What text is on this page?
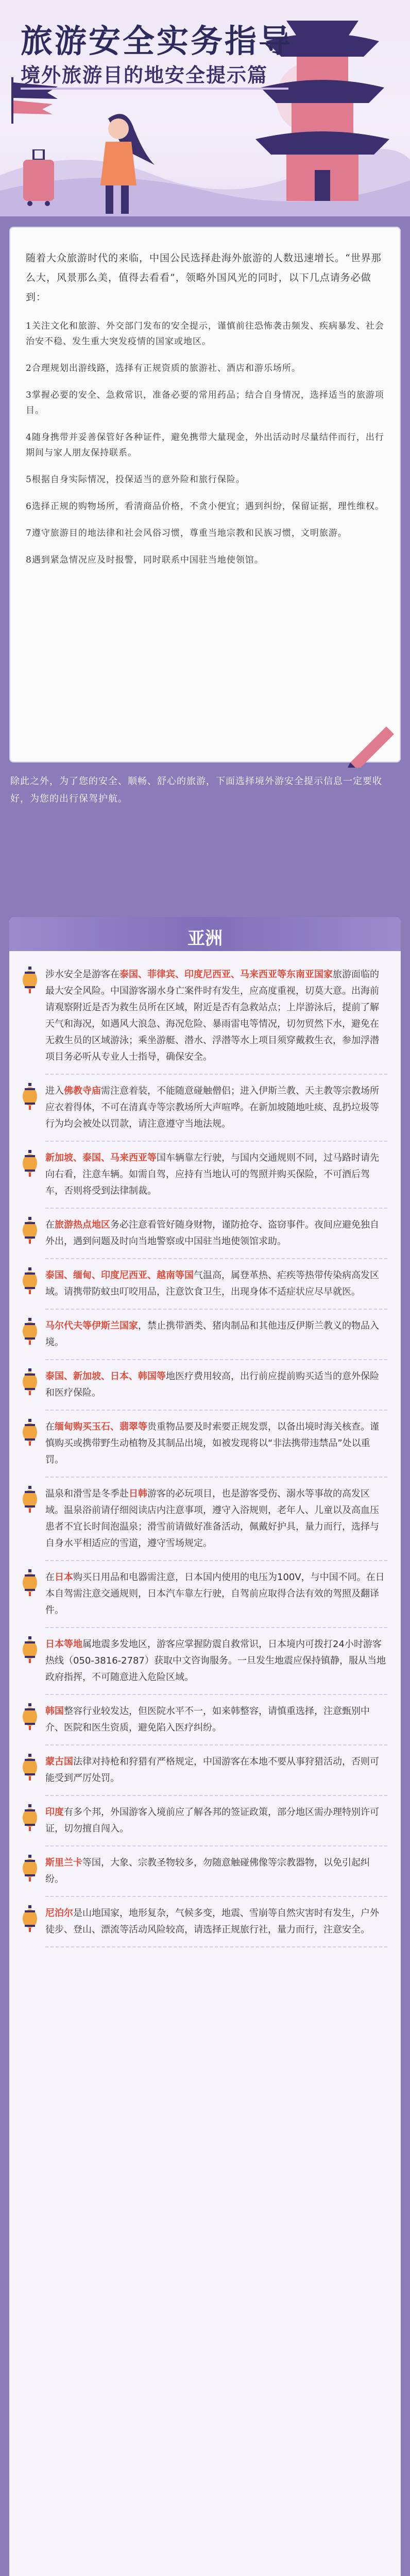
旅游安全实务指导
境外旅游目的地安全提示篇

随着大众旅游时代的来临，中国公民选择赴海外旅游的人数迅速增长。“世界那么大，风景那么美，值得去看看”，领略外国风光的同时，以下几点请务必做到：

1关注文化和旅游、外交部门发布的安全提示，谨慎前往恐怖袭击频发、疾病暴发、社会治安不稳、发生重大突发疫情的国家或地区。

2合理规划出游线路，选择有正规资质的旅游社、酒店和游乐场所。

3掌握必要的安全、急救常识，准备必要的常用药品；结合自身情况，选择适当的旅游项目。

4随身携带并妥善保管好各种证件，避免携带大量现金，外出活动时尽量结伴而行，出行期间与家人朋友保持联系。

5根据自身实际情况，投保适当的意外险和旅行保险。

6选择正规的购物场所，看清商品价格，不贪小便宜；遇到纠纷，保留证据，理性维权。

7遵守旅游目的地法律和社会风俗习惯，尊重当地宗教和民族习惯，文明旅游。

8遇到紧急情况应及时报警，同时联系中国驻当地使领馆。

除此之外，为了您的安全、顺畅、舒心的旅游，下面选择境外游安全提示信息一定要收好，为您的出行保驾护航。

亚洲
涉水安全是游客在泰国、菲律宾、印度尼西亚、马来西亚等东南亚国家旅游面临的最大安全风险。中国游客溺水身亡案件时有发生，应高度重视，切莫大意。出海前请观察附近是否为救生员所在区域，附近是否有急救站点；上岸游泳后，提前了解天气和海况，如遇风大浪急、海况危险、暴雨雷电等情况，切勿贸然下水，避免在无救生员的区域游泳；乘坐游艇、潜水、浮潜等水上项目须穿戴救生衣，参加浮潜项目务必听从专业人士指导，确保安全。
进入佛教寺庙需注意着装，不能随意碰触僧侣；进入伊斯兰教、天主教等宗教场所应衣着得体，不可在清真寺等宗教场所大声喧哗。在新加坡随地吐痰、乱扔垃圾等行为均会被处以罚款，请注意遵守当地法规。
新加坡、泰国、马来西亚等国车辆靠左行驶，与国内交通规则不同，过马路时请先向右看，注意车辆。如需自驾，应持有当地认可的驾照并购买保险，不可酒后驾车，否则将受到法律制裁。
在旅游热点地区务必注意看管好随身财物，谨防抢夺、盗窃事件。夜间应避免独自外出，遇到问题及时向当地警察或中国驻当地使领馆求助。
泰国、缅甸、印度尼西亚、越南等国气温高，属登革热、疟疾等热带传染病高发区域。请携带防蚊虫叮咬用品，注意饮食卫生，出现身体不适症状应尽早就医。
马尔代夫等伊斯兰国家，禁止携带酒类、猪肉制品和其他违反伊斯兰教义的物品入境。
泰国、新加坡、日本、韩国等地医疗费用较高，出行前应提前购买适当的意外保险和医疗保险。
在缅甸购买玉石、翡翠等贵重物品要及时索要正规发票，以备出境时海关核查。谨慎购买或携带野生动植物及其制品出境，如被发现将以“非法携带违禁品”处以重罚。
温泉和滑雪是冬季赴日韩游客的必玩项目，也是游客受伤、溺水等事故的高发区域。温泉浴前请仔细阅读店内注意事项，遵守入浴规则，老年人、儿童以及高血压患者不宜长时间泡温泉；滑雪前请做好准备活动，佩戴好护具，量力而行，选择与自身水平相适应的雪道，遵守雪场规定。
在日本购买日用品和电器需注意，日本国内使用的电压为100V，与中国不同。在日本自驾需注意交通规则，日本汽车靠左行驶，自驾前应取得合法有效的驾照及翻译件。
日本等地属地震多发地区，游客应掌握防震自救常识，日本境内可拨打24小时游客热线（050-3816-2787）获取中文咨询服务。一旦发生地震应保持镇静，服从当地政府指挥，不可随意进入危险区域。
韩国整容行业较发达，但医院水平不一，如来韩整容，请慎重选择，注意甄别中介、医院和医生资质，避免陷入医疗纠纷。
蒙古国法律对持枪和狩猎有严格规定，中国游客在本地不要从事狩猎活动，否则可能受到严厉处罚。
印度有多个邦，外国游客入境前应了解各邦的签证政策，部分地区需办理特别许可证，切勿擅自闯入。
斯里兰卡等国，大象、宗教圣物较多，勿随意触碰佛像等宗教器物，以免引起纠纷。
尼泊尔是山地国家，地形复杂，气候多变，地震、雪崩等自然灾害时有发生，户外徒步、登山、漂流等活动风险较高，请选择正规旅行社，量力而行，注意安全。
